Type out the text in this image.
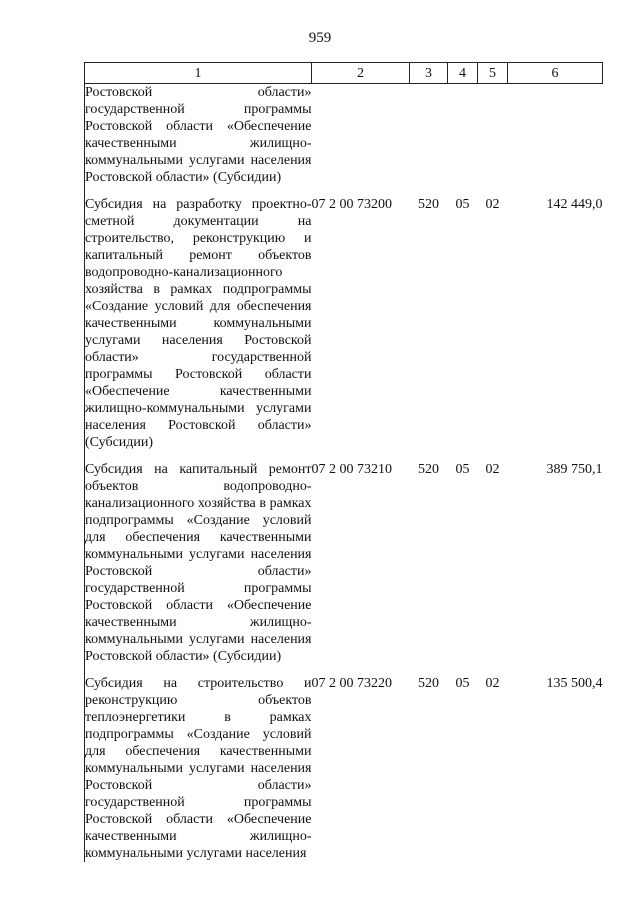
959
1	2	3	4	5	6
Ростовской области» государственной программы Ростовской области «Обеспечение качественными жилищно-коммунальными услугами населения Ростовской области» (Субсидии)					
Субсидия на разработку проектно-сметной документации на строительство, реконструкцию и капитальный ремонт объектов водопроводно-канализационного хозяйства в рамках подпрограммы «Создание условий для обеспечения качественными коммунальными услугами населения Ростовской области» государственной программы Ростовской области «Обеспечение качественными жилищно-коммунальными услугами населения Ростовской области» (Субсидии)	07 2 00 73200	520	05	02	142 449,0
Субсидия на капитальный ремонт объектов водопроводно-канализационного хозяйства в рамках подпрограммы «Создание условий для обеспечения качественными коммунальными услугами населения Ростовской области» государственной программы Ростовской области «Обеспечение качественными жилищно-коммунальными услугами населения Ростовской области» (Субсидии)	07 2 00 73210	520	05	02	389 750,1
Субсидия на строительство и реконструкцию объектов теплоэнергетики в рамках подпрограммы «Создание условий для обеспечения качественными коммунальными услугами населения Ростовской области» государственной программы Ростовской области «Обеспечение качественными жилищно-коммунальными услугами населения	07 2 00 73220	520	05	02	135 500,4
